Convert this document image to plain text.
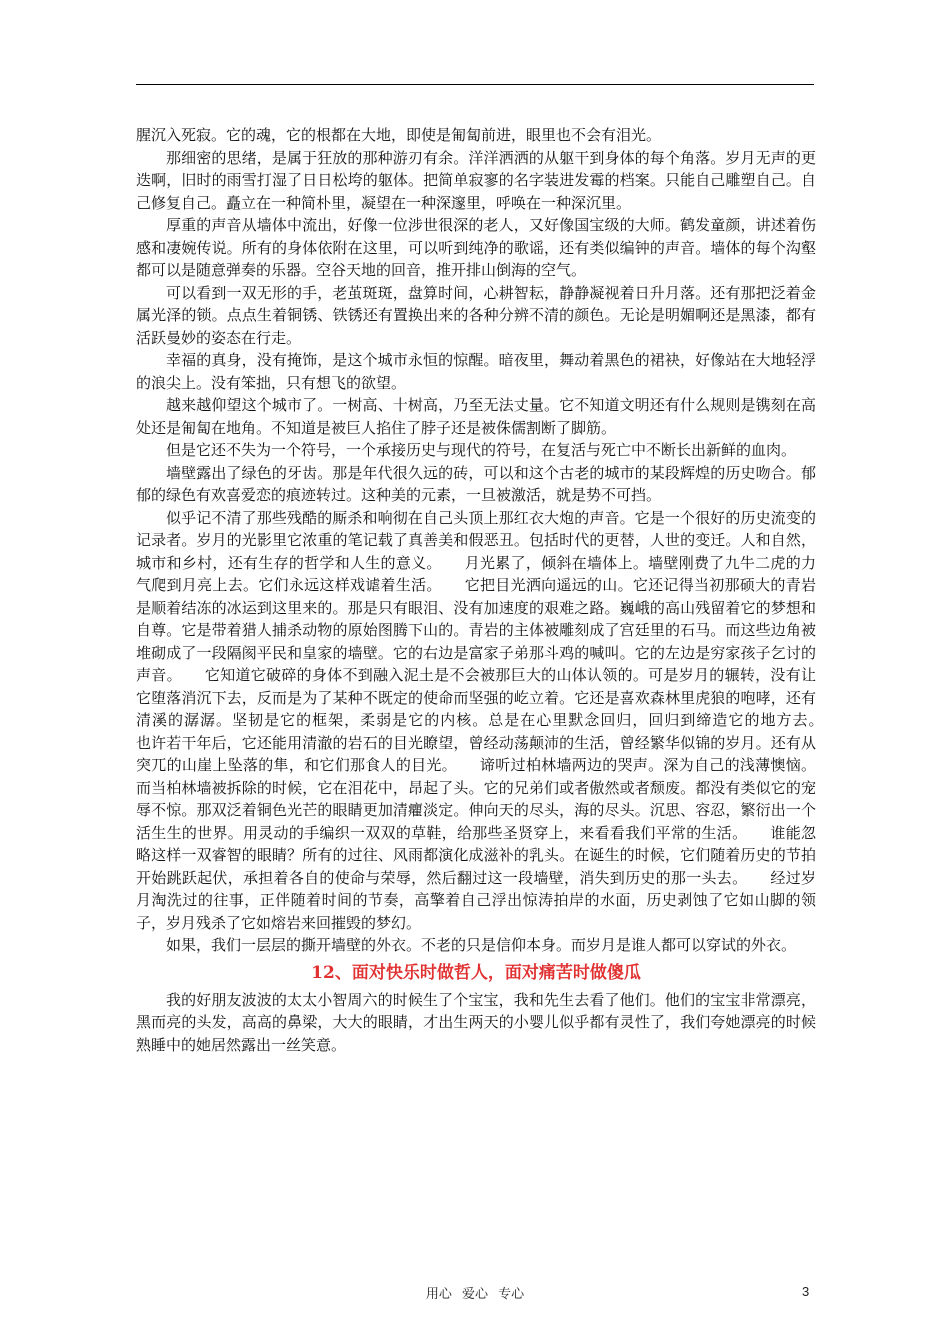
腥沉入死寂。它的魂，它的根都在大地，即使是匍匐前进，眼里也不会有泪光。

那细密的思绪，是属于狂放的那种游刃有余。洋洋洒洒的从躯干到身体的每个角落。岁月无声的更迭啊，旧时的雨雪打湿了日日松垮的躯体。把简单寂寥的名字装进发霉的档案。只能自己雕塑自己。自己修复自己。矗立在一种简朴里，凝望在一种深邃里，呼唤在一种深沉里。

厚重的声音从墙体中流出，好像一位涉世很深的老人，又好像国宝级的大师。鹤发童颜，讲述着伤感和凄婉传说。所有的身体依附在这里，可以听到纯净的歌谣，还有类似编钟的声音。墙体的每个沟壑都可以是随意弹奏的乐器。空谷天地的回音，推开排山倒海的空气。

可以看到一双无形的手，老茧斑斑，盘算时间，心耕智耘，静静凝视着日升月落。还有那把泛着金属光泽的锁。点点生着铜锈、铁锈还有置换出来的各种分辨不清的颜色。无论是明媚啊还是黑漆，都有活跃曼妙的姿态在行走。

幸福的真身，没有掩饰，是这个城市永恒的惊醒。暗夜里，舞动着黑色的裙袂，好像站在大地轻浮的浪尖上。没有笨拙，只有想飞的欲望。

越来越仰望这个城市了。一树高、十树高，乃至无法丈量。它不知道文明还有什么规则是镌刻在高处还是匍匐在地角。不知道是被巨人掐住了脖子还是被侏儒割断了脚筋。

但是它还不失为一个符号，一个承接历史与现代的符号，在复活与死亡中不断长出新鲜的血肉。

墙壁露出了绿色的牙齿。那是年代很久远的砖，可以和这个古老的城市的某段辉煌的历史吻合。郁郁的绿色有欢喜爱恋的痕迹转过。这种美的元素，一旦被激活，就是势不可挡。

似乎记不清了那些残酷的厮杀和响彻在自己头顶上那红衣大炮的声音。它是一个很好的历史流变的记录者。岁月的光影里它浓重的笔记载了真善美和假恶丑。包括时代的更替，人世的变迁。人和自然，城市和乡村，还有生存的哲学和人生的意义。　　月光累了，倾斜在墙体上。墙壁刚费了九牛二虎的力气爬到月亮上去。它们永远这样戏谑着生活。　　它把目光洒向遥远的山。它还记得当初那硕大的青岩是顺着结冻的冰运到这里来的。那是只有眼泪、没有加速度的艰难之路。巍峨的高山残留着它的梦想和自尊。它是带着猎人捕杀动物的原始图腾下山的。青岩的主体被雕刻成了宫廷里的石马。而这些边角被堆砌成了一段隔阂平民和皇家的墙壁。它的右边是富家子弟那斗鸡的喊叫。它的左边是穷家孩子乞讨的声音。　　它知道它破碎的身体不到融入泥土是不会被那巨大的山体认领的。可是岁月的辗转，没有让它堕落消沉下去，反而是为了某种不既定的使命而坚强的屹立着。它还是喜欢森林里虎狼的咆哮，还有清溪的潺潺。坚韧是它的框架，柔弱是它的内核。总是在心里默念回归，回归到缔造它的地方去。　　也许若干年后，它还能用清澈的岩石的目光瞭望，曾经动荡颠沛的生活，曾经繁华似锦的岁月。还有从突兀的山崖上坠落的隼，和它们那食人的目光。　　谛听过柏林墙两边的哭声。深为自己的浅薄懊恼。而当柏林墙被拆除的时候，它在泪花中，昂起了头。它的兄弟们或者傲然或者颓废。都没有类似它的宠辱不惊。那双泛着铜色光芒的眼睛更加清癯淡定。伸向天的尽头，海的尽头。沉思、容忍，繁衍出一个活生生的世界。用灵动的手编织一双双的草鞋，给那些圣贤穿上，来看看我们平常的生活。　　谁能忽略这样一双睿智的眼睛？所有的过往、风雨都演化成滋补的乳头。在诞生的时候，它们随着历史的节拍开始跳跃起伏，承担着各自的使命与荣辱，然后翻过这一段墙壁，消失到历史的那一头去。　　经过岁月淘洗过的往事，正伴随着时间的节奏，高擎着自己浮出惊涛拍岸的水面，历史剥蚀了它如山脚的领子，岁月残杀了它如熔岩来回摧毁的梦幻。

如果，我们一层层的撕开墙壁的外衣。不老的只是信仰本身。而岁月是谁人都可以穿试的外衣。

12、面对快乐时做哲人，面对痛苦时做傻瓜

我的好朋友波波的太太小智周六的时候生了个宝宝，我和先生去看了他们。他们的宝宝非常漂亮，黑而亮的头发，高高的鼻梁，大大的眼睛，才出生两天的小婴儿似乎都有灵性了，我们夸她漂亮的时候熟睡中的她居然露出一丝笑意。

用心 爱心 专心	3
